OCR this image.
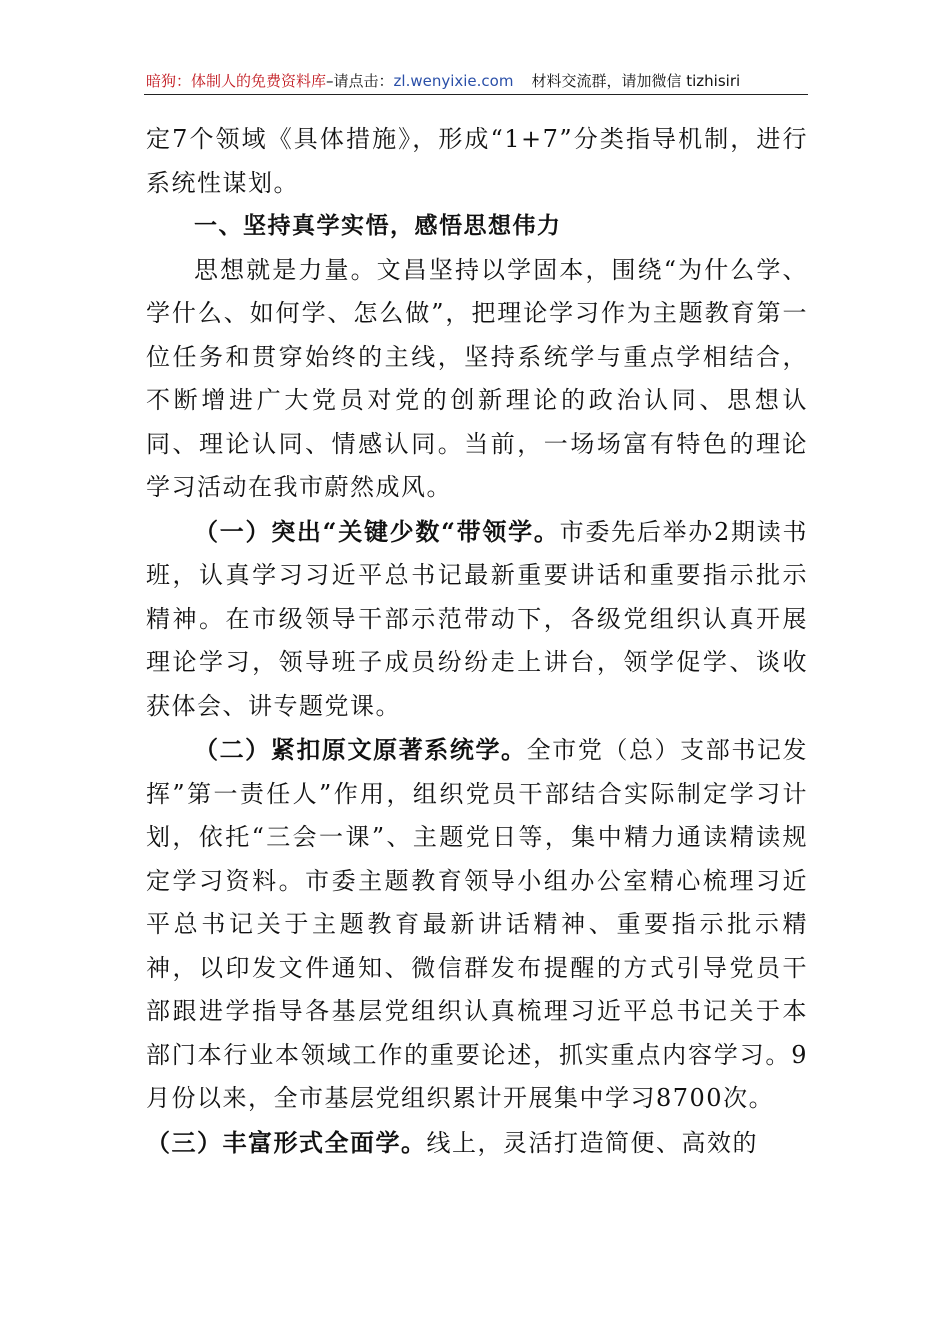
暗狗：体制人的免费资料库–请点击：zl.wenyixie.com 材料交流群，请加微信 tizhisiri

定7个领域《具体措施》，形成“1+7”分类指导机制，进行系统性谋划。

一、坚持真学实悟，感悟思想伟力

思想就是力量。文昌坚持以学固本，围绕“为什么学、学什么、如何学、怎么做”，把理论学习作为主题教育第一位任务和贯穿始终的主线，坚持系统学与重点学相结合，不断增进广大党员对党的创新理论的政治认同、思想认同、理论认同、情感认同。当前，一场场富有特色的理论学习活动在我市蔚然成风。

（一）突出“关键少数“带领学。市委先后举办2期读书班，认真学习习近平总书记最新重要讲话和重要指示批示精神。在市级领导干部示范带动下，各级党组织认真开展理论学习，领导班子成员纷纷走上讲台，领学促学、谈收获体会、讲专题党课。

（二）紧扣原文原著系统学。全市党（总）支部书记发挥”第一责任人”作用，组织党员干部结合实际制定学习计划，依托“三会一课”、主题党日等，集中精力通读精读规定学习资料。市委主题教育领导小组办公室精心梳理习近平总书记关于主题教育最新讲话精神、重要指示批示精神，以印发文件通知、微信群发布提醒的方式引导党员干部跟进学指导各基层党组织认真梳理习近平总书记关于本部门本行业本领域工作的重要论述，抓实重点内容学习。9月份以来，全市基层党组织累计开展集中学习8700次。

（三）丰富形式全面学。线上，灵活打造简便、高效的
